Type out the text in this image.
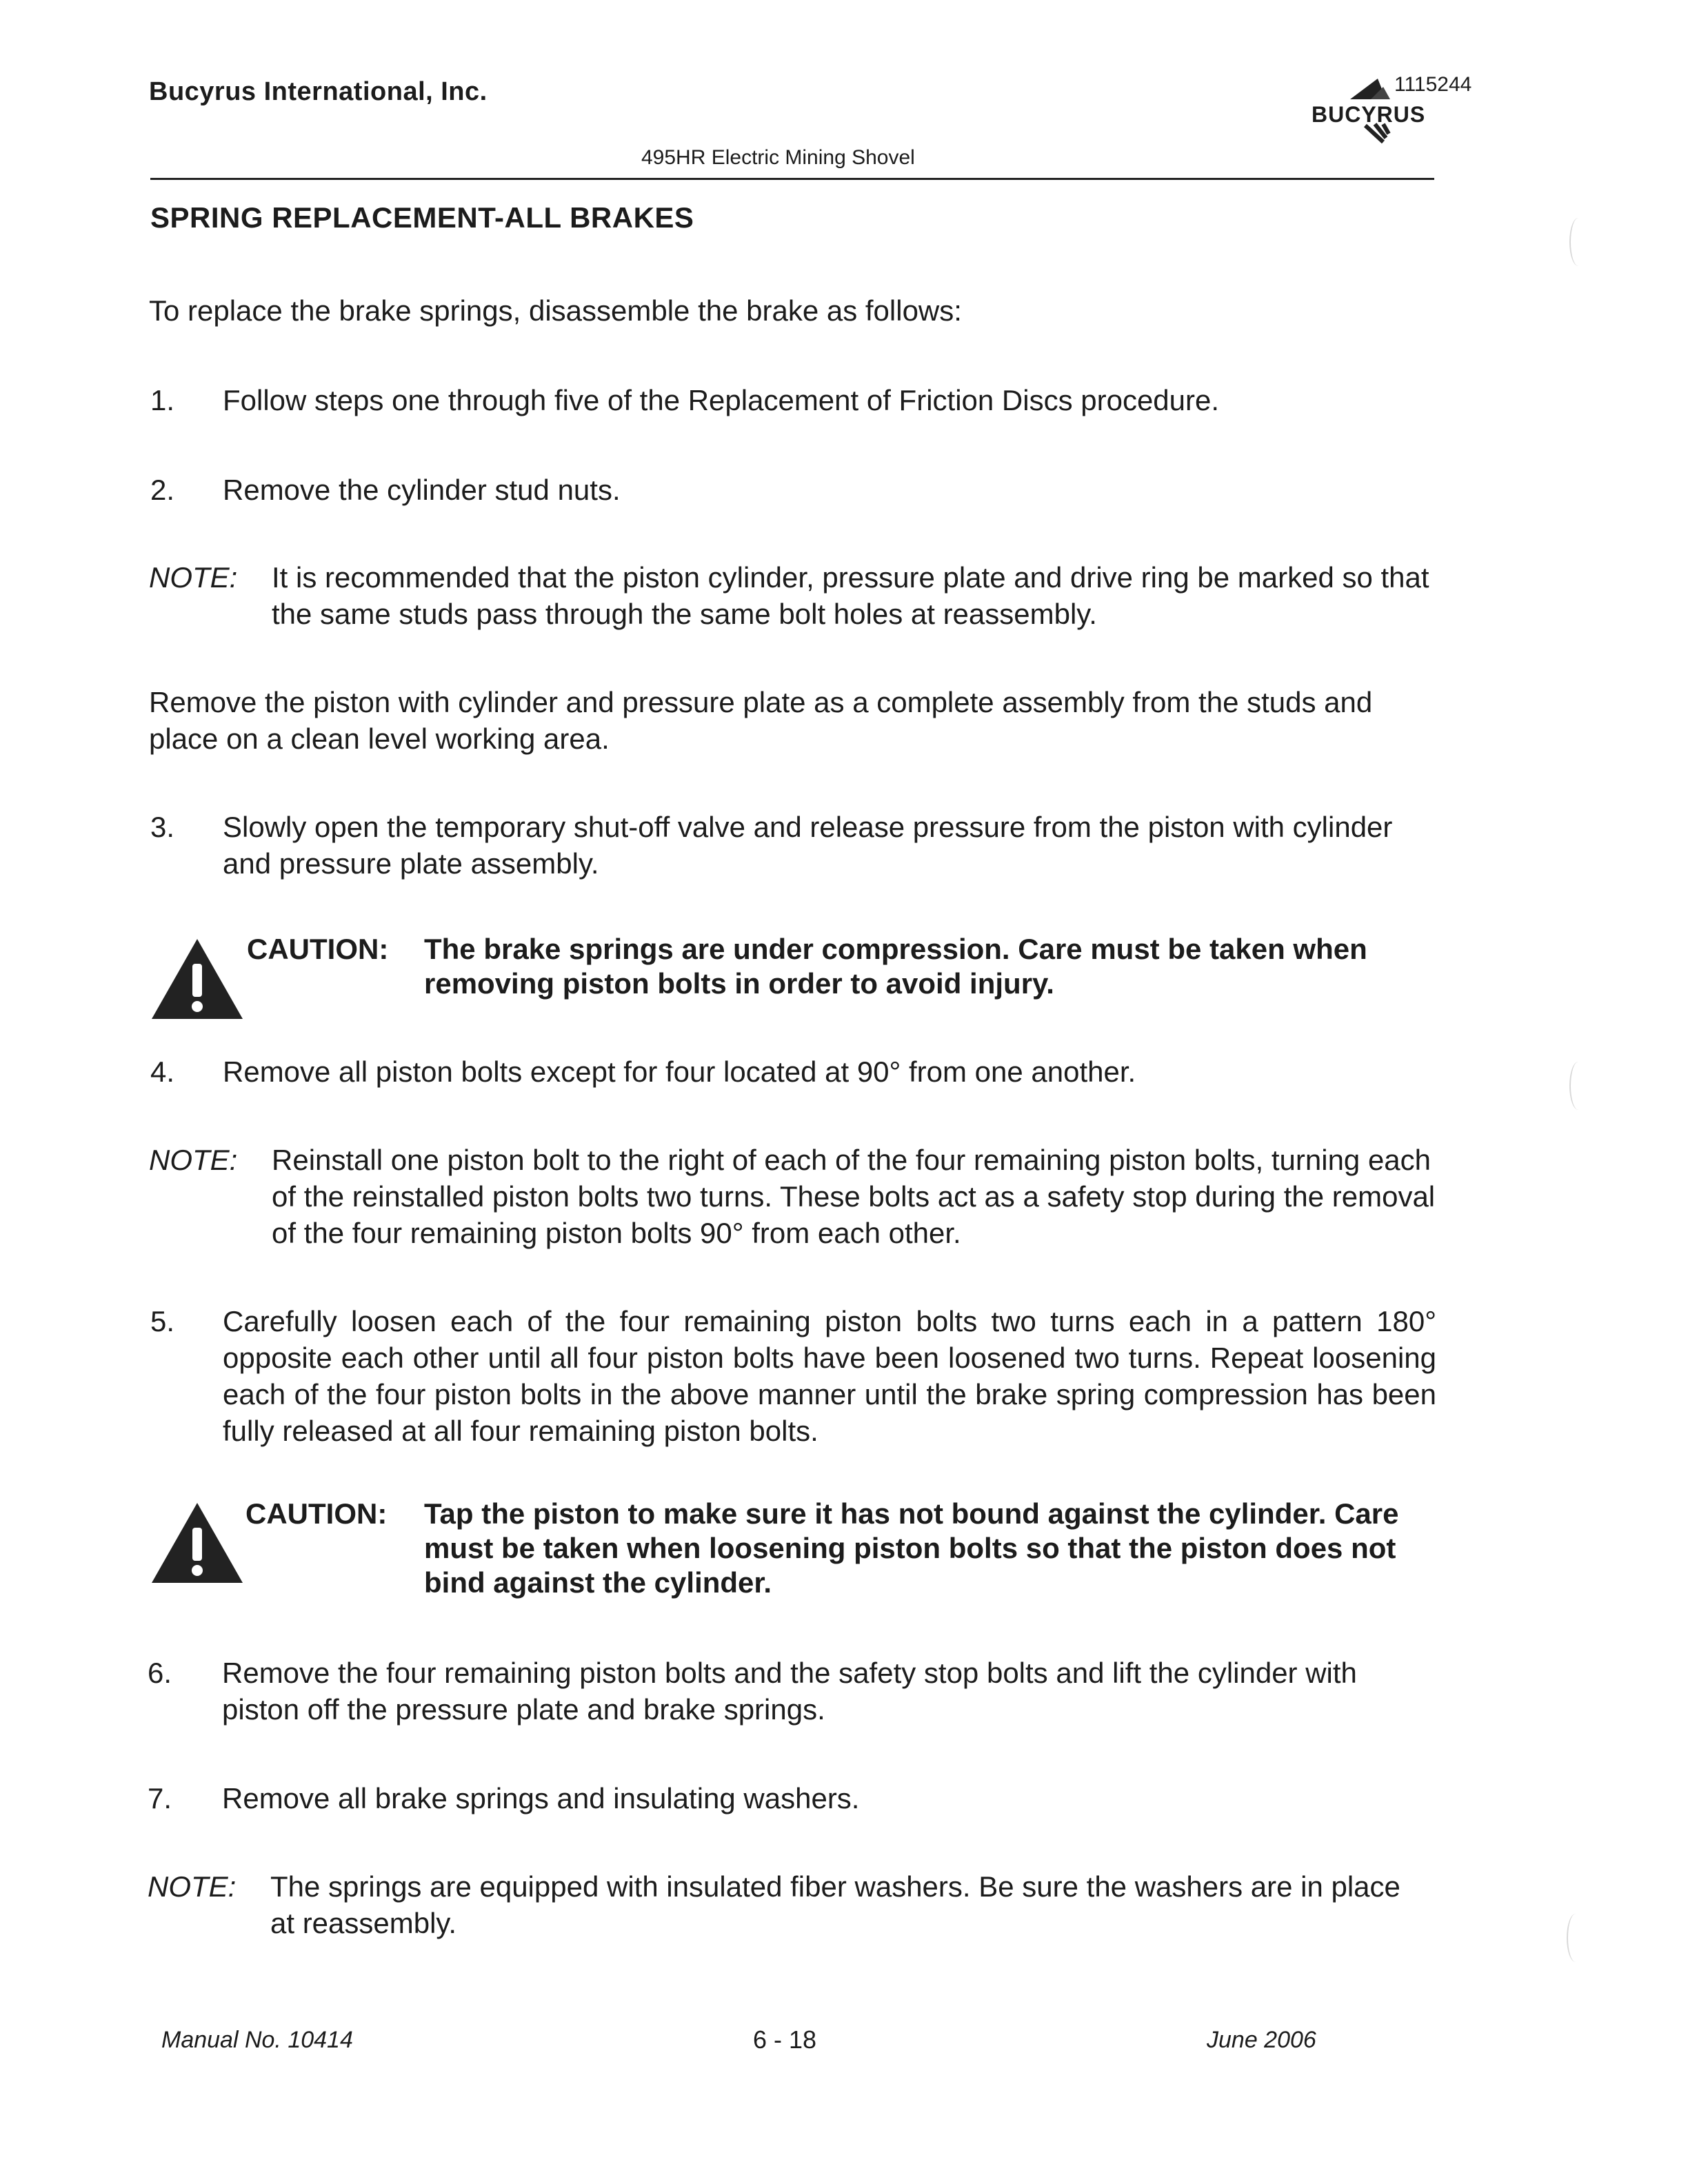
Bucyrus International, Inc.	1115244
BUCYRUS
495HR Electric Mining Shovel
SPRING REPLACEMENT-ALL BRAKES
To replace the brake springs, disassemble the brake as follows:
1. Follow steps one through five of the Replacement of Friction Discs procedure.
2. Remove the cylinder stud nuts.
NOTE: It is recommended that the piston cylinder, pressure plate and drive ring be marked so that the same studs pass through the same bolt holes at reassembly.
Remove the piston with cylinder and pressure plate as a complete assembly from the studs and place on a clean level working area.
3. Slowly open the temporary shut-off valve and release pressure from the piston with cylinder and pressure plate assembly.
CAUTION: The brake springs are under compression. Care must be taken when removing piston bolts in order to avoid injury.
4. Remove all piston bolts except for four located at 90° from one another.
NOTE: Reinstall one piston bolt to the right of each of the four remaining piston bolts, turning each of the reinstalled piston bolts two turns. These bolts act as a safety stop during the removal of the four remaining piston bolts 90° from each other.
5. Carefully loosen each of the four remaining piston bolts two turns each in a pattern 180° opposite each other until all four piston bolts have been loosened two turns. Repeat loosening each of the four piston bolts in the above manner until the brake spring compression has been fully released at all four remaining piston bolts.
CAUTION: Tap the piston to make sure it has not bound against the cylinder. Care must be taken when loosening piston bolts so that the piston does not bind against the cylinder.
6. Remove the four remaining piston bolts and the safety stop bolts and lift the cylinder with piston off the pressure plate and brake springs.
7. Remove all brake springs and insulating washers.
NOTE: The springs are equipped with insulated fiber washers. Be sure the washers are in place at reassembly.
Manual No. 10414	6 - 18	June 2006
